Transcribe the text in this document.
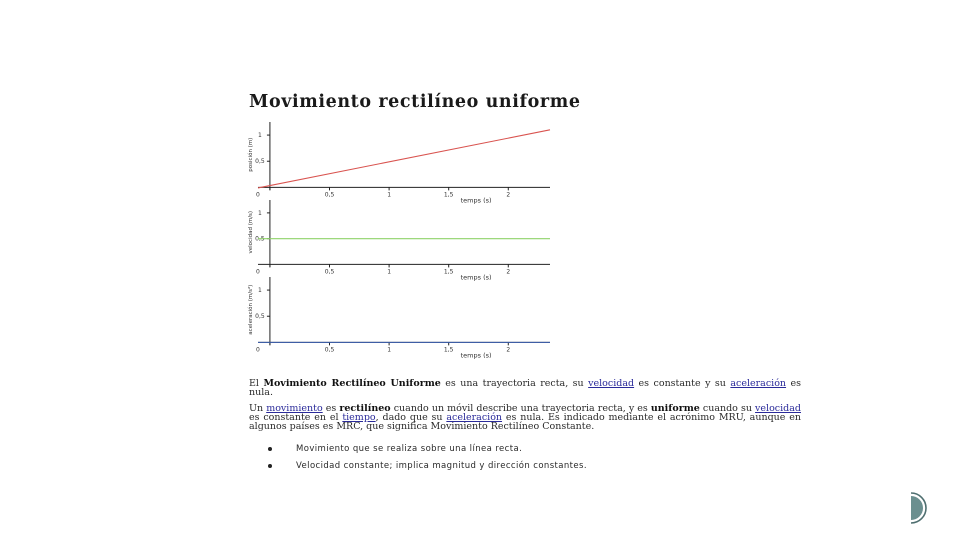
Movimiento rectilíneo uniforme
0	0,5	1	1,5	2
0,5
1
temps (s)
posición (m)
0	0,5	1	1,5	2
0,5
1
temps (s)
velocidad (m/s)
0	0,5	1	1,5	2
0,5
1
temps (s)
aceleración (m/s²)
El Movimiento Rectilíneo Uniforme es una trayectoria recta, su velocidad es constante y su aceleración es nula.
Un movimiento es rectilíneo cuando un móvil describe una trayectoria recta, y es uniforme cuando su velocidad es constante en el tiempo, dado que su aceleración es nula. Es indicado mediante el acrónimo MRU, aunque en algunos países es MRC, que significa Movimiento Rectilíneo Constante.
Movimiento que se realiza sobre una línea recta.
Velocidad constante; implica magnitud y dirección constantes.
